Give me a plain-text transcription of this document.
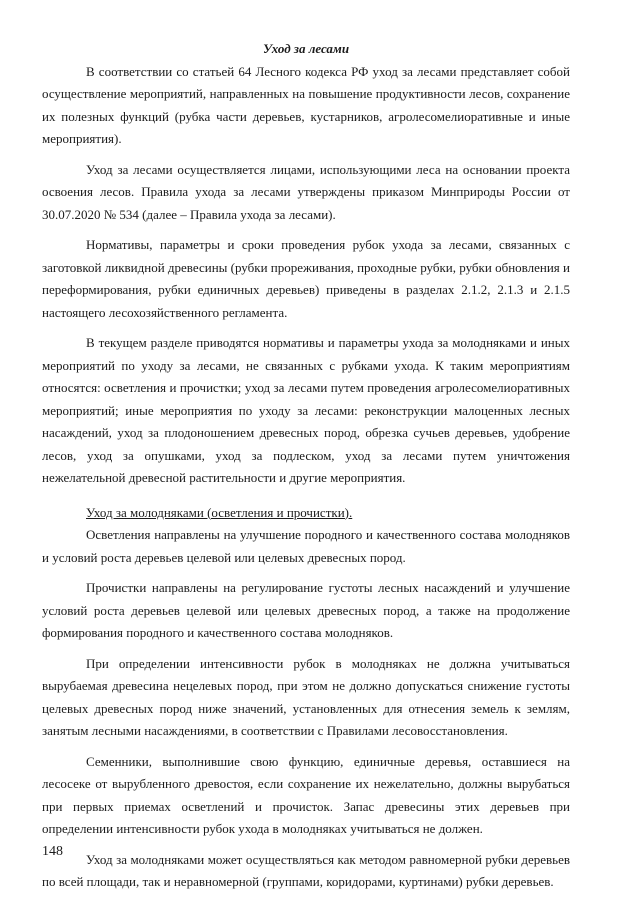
Уход за лесами

В соответствии со статьей 64 Лесного кодекса РФ уход за лесами представляет собой осуществление мероприятий, направленных на повышение продуктивности лесов, сохранение их полезных функций (рубка части деревьев, кустарников, агролесомелиоративные и иные мероприятия).

Уход за лесами осуществляется лицами, использующими леса на основании проекта освоения лесов. Правила ухода за лесами утверждены приказом Минприроды России от 30.07.2020 № 534 (далее – Правила ухода за лесами).

Нормативы, параметры и сроки проведения рубок ухода за лесами, связанных с заготовкой ликвидной древесины (рубки прореживания, проходные рубки, рубки обновления и переформирования, рубки единичных деревьев) приведены в разделах 2.1.2, 2.1.3 и 2.1.5 настоящего лесохозяйственного регламента.

В текущем разделе приводятся нормативы и параметры ухода за молодняками и иных мероприятий по уходу за лесами, не связанных с рубками ухода. К таким мероприятиям относятся: осветления и прочистки; уход за лесами путем проведения агролесомелиоративных мероприятий; иные мероприятия по уходу за лесами: реконструкции малоценных лесных насаждений, уход за плодоношением древесных пород, обрезка сучьев деревьев, удобрение лесов, уход за опушками, уход за подлеском, уход за лесами путем уничтожения нежелательной древесной растительности и другие мероприятия.

Уход за молодняками (осветления и прочистки).

Осветления направлены на улучшение породного и качественного состава молодняков и условий роста деревьев целевой или целевых древесных пород.

Прочистки направлены на регулирование густоты лесных насаждений и улучшение условий роста деревьев целевой или целевых древесных пород, а также на продолжение формирования породного и качественного состава молодняков.

При определении интенсивности рубок в молодняках не должна учитываться вырубаемая древесина нецелевых пород, при этом не должно допускаться снижение густоты целевых древесных пород ниже значений, установленных для отнесения земель к землям, занятым лесными насаждениями, в соответствии с Правилами лесовосстановления.

Семенники, выполнившие свою функцию, единичные деревья, оставшиеся на лесосеке от вырубленного древостоя, если сохранение их нежелательно, должны вырубаться при первых приемах осветлений и прочисток. Запас древесины этих деревьев при определении интенсивности рубок ухода в молодняках учитываться не должен.

Уход за молодняками может осуществляться как методом равномерной рубки деревьев по всей площади, так и неравномерной (группами, коридорами, куртинами) рубки деревьев.

148
